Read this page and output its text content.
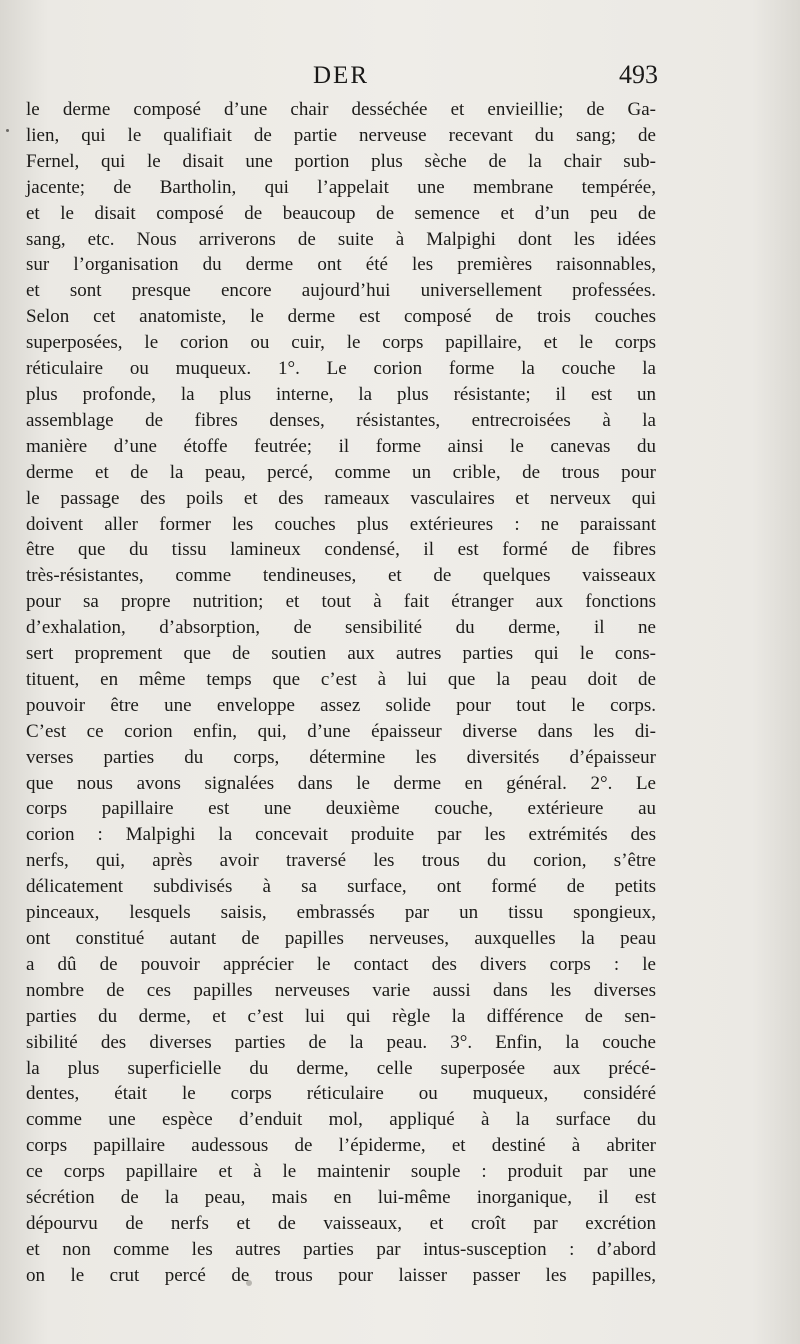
DER	493
le derme composé d’une chair desséchée et envieillie; de Ga-
lien, qui le qualifiait de partie nerveuse recevant du sang; de
Fernel, qui le disait une portion plus sèche de la chair sub-
jacente; de Bartholin, qui l’appelait une membrane tempérée,
et le disait composé de beaucoup de semence et d’un peu de
sang, etc. Nous arriverons de suite à Malpighi dont les idées
sur l’organisation du derme ont été les premières raisonnables,
et sont presque encore aujourd’hui universellement professées.
Selon cet anatomiste, le derme est composé de trois couches
superposées, le corion ou cuir, le corps papillaire, et le corps
réticulaire ou muqueux. 1°. Le corion forme la couche la
plus profonde, la plus interne, la plus résistante; il est un
assemblage de fibres denses, résistantes, entrecroisées à la
manière d’une étoffe feutrée; il forme ainsi le canevas du
derme et de la peau, percé, comme un crible, de trous pour
le passage des poils et des rameaux vasculaires et nerveux qui
doivent aller former les couches plus extérieures : ne paraissant
être que du tissu lamineux condensé, il est formé de fibres
très-résistantes, comme tendineuses, et de quelques vaisseaux
pour sa propre nutrition; et tout à fait étranger aux fonctions
d’exhalation, d’absorption, de sensibilité du derme, il ne
sert proprement que de soutien aux autres parties qui le cons-
tituent, en même temps que c’est à lui que la peau doit de
pouvoir être une enveloppe assez solide pour tout le corps.
C’est ce corion enfin, qui, d’une épaisseur diverse dans les di-
verses parties du corps, détermine les diversités d’épaisseur
que nous avons signalées dans le derme en général. 2°. Le
corps papillaire est une deuxième couche, extérieure au
corion : Malpighi la concevait produite par les extrémités des
nerfs, qui, après avoir traversé les trous du corion, s’être
délicatement subdivisés à sa surface, ont formé de petits
pinceaux, lesquels saisis, embrassés par un tissu spongieux,
ont constitué autant de papilles nerveuses, auxquelles la peau
a dû de pouvoir apprécier le contact des divers corps : le
nombre de ces papilles nerveuses varie aussi dans les diverses
parties du derme, et c’est lui qui règle la différence de sen-
sibilité des diverses parties de la peau. 3°. Enfin, la couche
la plus superficielle du derme, celle superposée aux précé-
dentes, était le corps réticulaire ou muqueux, considéré
comme une espèce d’enduit mol, appliqué à la surface du
corps papillaire audessous de l’épiderme, et destiné à abriter
ce corps papillaire et à le maintenir souple : produit par une
sécrétion de la peau, mais en lui-même inorganique, il est
dépourvu de nerfs et de vaisseaux, et croît par excrétion
et non comme les autres parties par intus-susception : d’abord
on le crut percé de trous pour laisser passer les papilles,
